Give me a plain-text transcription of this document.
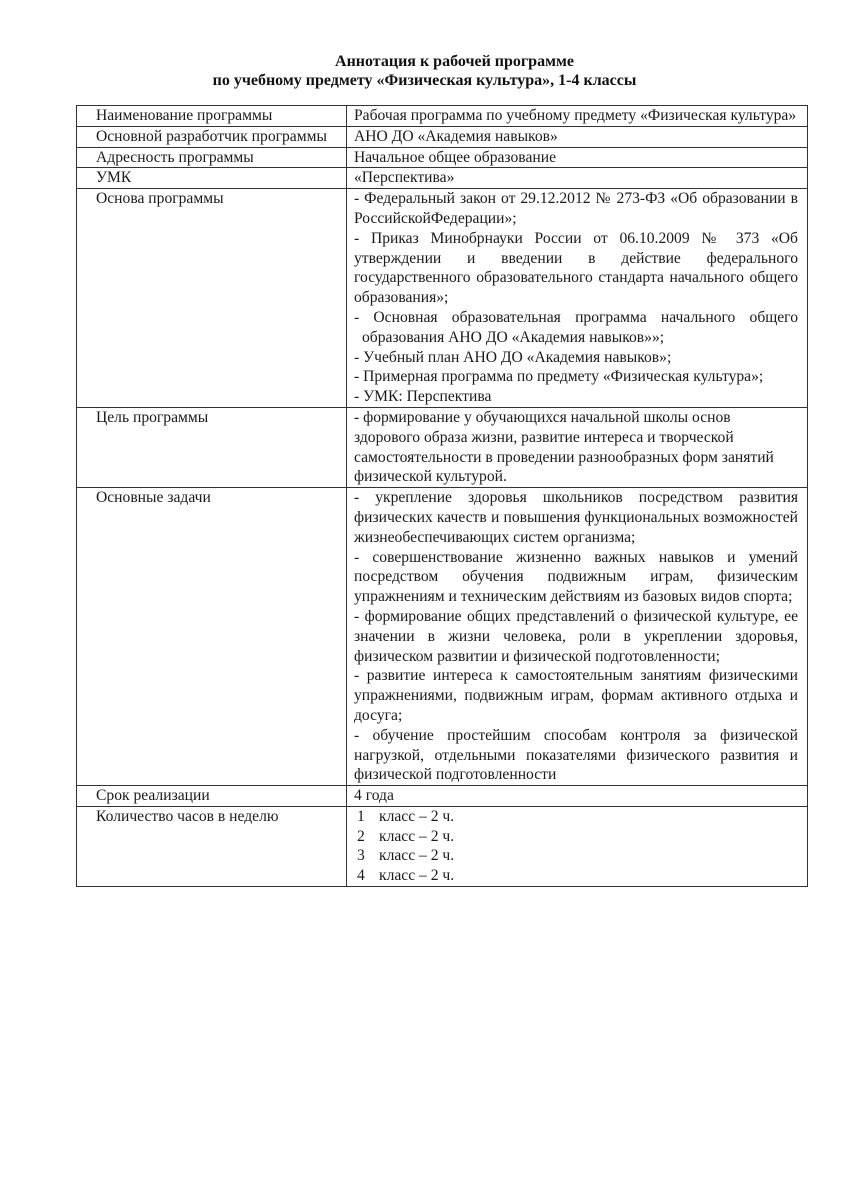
Аннотация к рабочей программе
по учебному предмету «Физическая культура», 1-4 классы
Наименование программы	Рабочая программа по учебному предмету «Физическая культура»
Основной разработчик программы	АНО ДО «Академия навыков»
Адресность программы	Начальное общее образование
УМК	«Перспектива»
Основа программы	- Федеральный закон от 29.12.2012 № 273-ФЗ «Об образовании в РоссийскойФедерации»;
- Приказ Минобрнауки России от 06.10.2009 № 373 «Об утверждении и введении в действие федерального государственного образовательного стандарта начального общего образования»;
- Основная образовательная программа начального общего образования АНО ДО «Академия навыков»»;
- Учебный план АНО ДО «Академия навыков»;
- Примерная программа по предмету «Физическая культура»;
- УМК: Перспектива

Цель программы	- формирование у обучающихся начальной школы основ здорового образа жизни, развитие интереса и творческой самостоятельности в проведении разнообразных форм занятий физической культурой.
Основные задачи	- укрепление здоровья школьников посредством развития физических качеств и повышения функциональных возможностей жизнеобеспечивающих систем организма;
- совершенствование жизненно важных навыков и умений посредством обучения подвижным играм, физическим упражнениям и техническим действиям из базовых видов спорта;
- формирование общих представлений о физической культуре, ее значении в жизни человека, роли в укреплении здоровья, физическом развитии и физической подготовленности;
- развитие интереса к самостоятельным занятиям физическими упражнениями, подвижным играм, формам активного отдыха и досуга;
- обучение простейшим способам контроля за физической нагрузкой, отдельными показателями физического развития и физической подготовленности

Срок реализации	4 года
Количество часов в неделю	1 класс – 2 ч.
2 класс – 2 ч.
3 класс – 2 ч.
4 класс – 2 ч.
